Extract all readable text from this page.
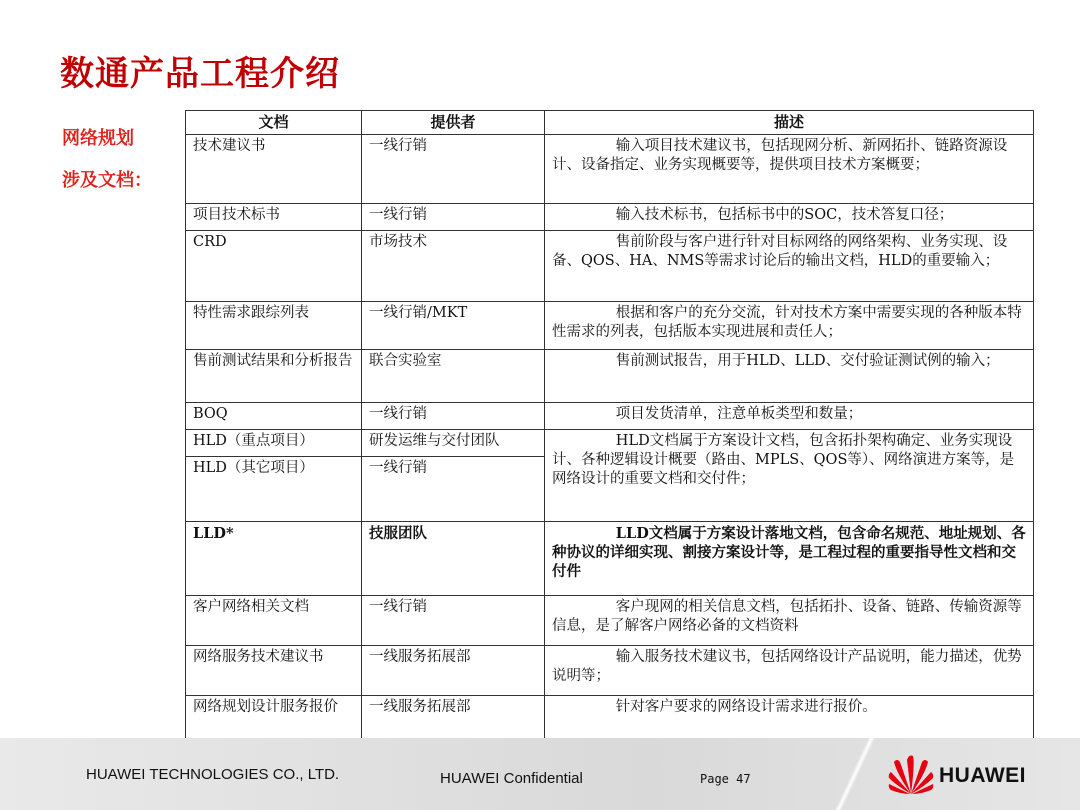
数通产品工程介绍
网络规划
涉及文档：
文档	提供者	描述
技术建议书	一线行销	输入项目技术建议书，包括现网分析、新网拓扑、链路资源设计、设备指定、业务实现概要等，提供项目技术方案概要；
项目技术标书	一线行销	输入技术标书，包括标书中的SOC，技术答复口径；
CRD	市场技术	售前阶段与客户进行针对目标网络的网络架构、业务实现、设备、QOS、HA、NMS等需求讨论后的输出文档，HLD的重要输入；
特性需求跟综列表	一线行销/MKT	根据和客户的充分交流，针对技术方案中需要实现的各种版本特性需求的列表，包括版本实现进展和责任人；
售前测试结果和分析报告	联合实验室	售前测试报告，用于HLD、LLD、交付验证测试例的输入；
BOQ	一线行销	项目发货清单，注意单板类型和数量；
HLD（重点项目）	研发运维与交付团队	HLD文档属于方案设计文档，包含拓扑架构确定、业务实现设计、各种逻辑设计概要（路由、MPLS、QOS等）、网络演进方案等，是网络设计的重要文档和交付件；
HLD（其它项目）	一线行销	
LLD*	技服团队	LLD文档属于方案设计落地文档，包含命名规范、地址规划、各种协议的详细实现、割接方案设计等，是工程过程的重要指导性文档和交付件
客户网络相关文档	一线行销	客户现网的相关信息文档，包括拓扑、设备、链路、传输资源等信息，是了解客户网络必备的文档资料
网络服务技术建议书	一线服务拓展部	输入服务技术建议书，包括网络设计产品说明，能力描述，优势说明等；
网络规划设计服务报价	一线服务拓展部	针对客户要求的网络设计需求进行报价。
HUAWEI TECHNOLOGIES CO., LTD.	HUAWEI Confidential	Page 47	HUAWEI
